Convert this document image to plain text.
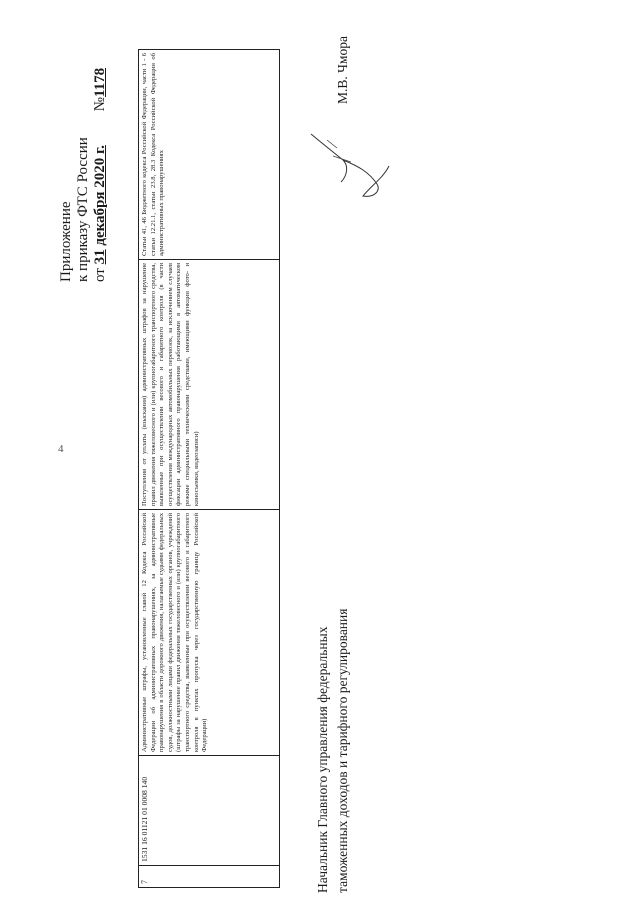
4
Приложение к приказу ФТС России от 31 декабря 2020 г.         №1178
7	1531 16 01121 01 0008 140	Административные штрафы, установленные главой 12 Кодекса Российской Федерации об административных правонарушениях, за административные правонарушения в области дорожного движения, налагаемые судьями федеральных судов, должностными лицами федеральных государственных органов, учреждений (штрафы за нарушение правил движения тяжеловесного и (или) крупногабаритного транспортного средства, выявленные при осуществлении весового и габаритного контроля в пунктах пропуска через государственную границу Российской Федерации)	Поступления от уплаты (взыскания) административных штрафов за нарушение правил движения тяжеловесного и (или) крупногабаритного транспортного средства, выявленные при осуществлении весового и габаритного контроля (в части осуществления международных автомобильных перевозок, за исключением случаев фиксации административного правонарушения работающими в автоматическом режиме специальными техническими средствами, имеющими функции фото- и киносъемки, видеозаписи)	Статьи 41, 46 Бюджетного кодекса Российской Федерации, части 1 - 6 статьи 12.21.1, статьи 23.8, 28.3 Кодекса Российской Федерации об административных правонарушениях
Начальник Главного управления федеральных таможенных доходов и тарифного регулирования
М.В. Чмора
